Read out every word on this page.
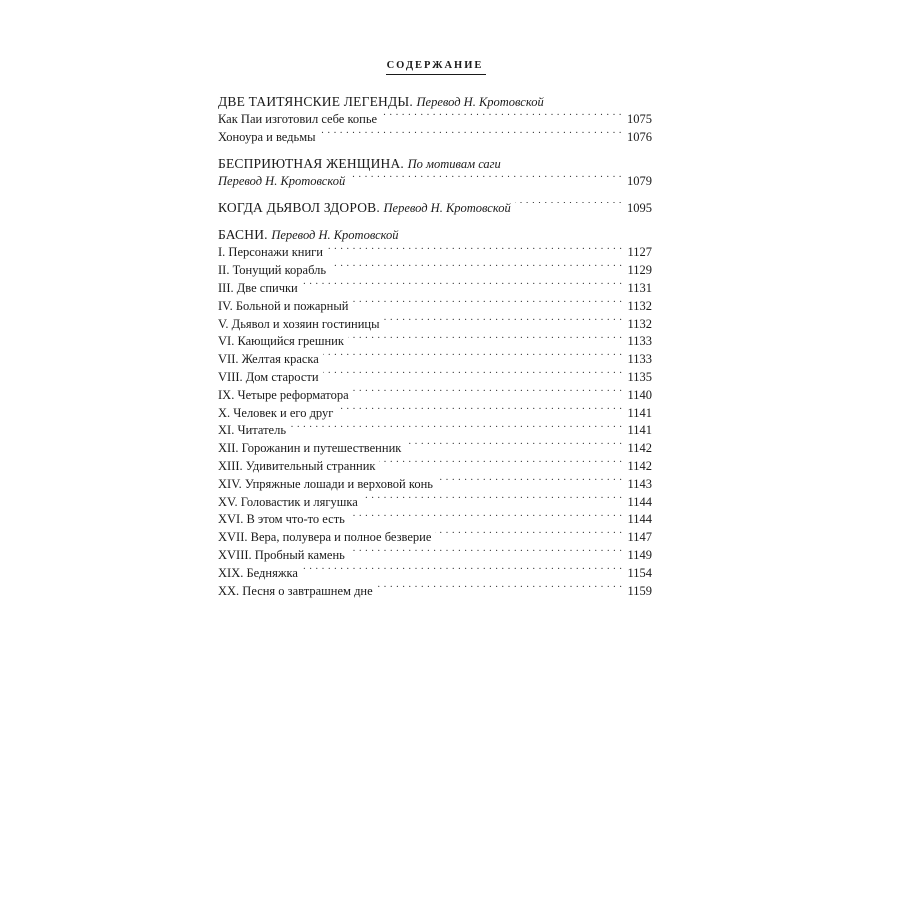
СОДЕРЖАНИЕ
ДВЕ ТАИТЯНСКИЕ ЛЕГЕНДЫ. Перевод Н. Кротовской
Как Паи изготовил себе копье . . .	1075
Хоноура и ведьмы . . .	1076
БЕСПРИЮТНАЯ ЖЕНЩИНА. По мотивам саги
Перевод Н. Кротовской . . .	1079
КОГДА ДЬЯВОЛ ЗДОРОВ. Перевод Н. Кротовской . . .	1095
БАСНИ. Перевод Н. Кротовской
I. Персонажи книги . . .	1127
II. Тонущий корабль . . .	1129
III. Две спички . . .	1131
IV. Больной и пожарный . . .	1132
V. Дьявол и хозяин гостиницы . . .	1132
VI. Кающийся грешник . . .	1133
VII. Желтая краска . . .	1133
VIII. Дом старости . . .	1135
IX. Четыре реформатора . . .	1140
X. Человек и его друг . . .	1141
XI. Читатель . . .	1141
XII. Горожанин и путешественник . . .	1142
XIII. Удивительный странник . . .	1142
XIV. Упряжные лошади и верховой конь . . .	1143
XV. Головастик и лягушка . . .	1144
XVI. В этом что-то есть . . .	1144
XVII. Вера, полувера и полное безверие . . .	1147
XVIII. Пробный камень . . .	1149
XIX. Бедняжка . . .	1154
XX. Песня о завтрашнем дне . . .	1159
